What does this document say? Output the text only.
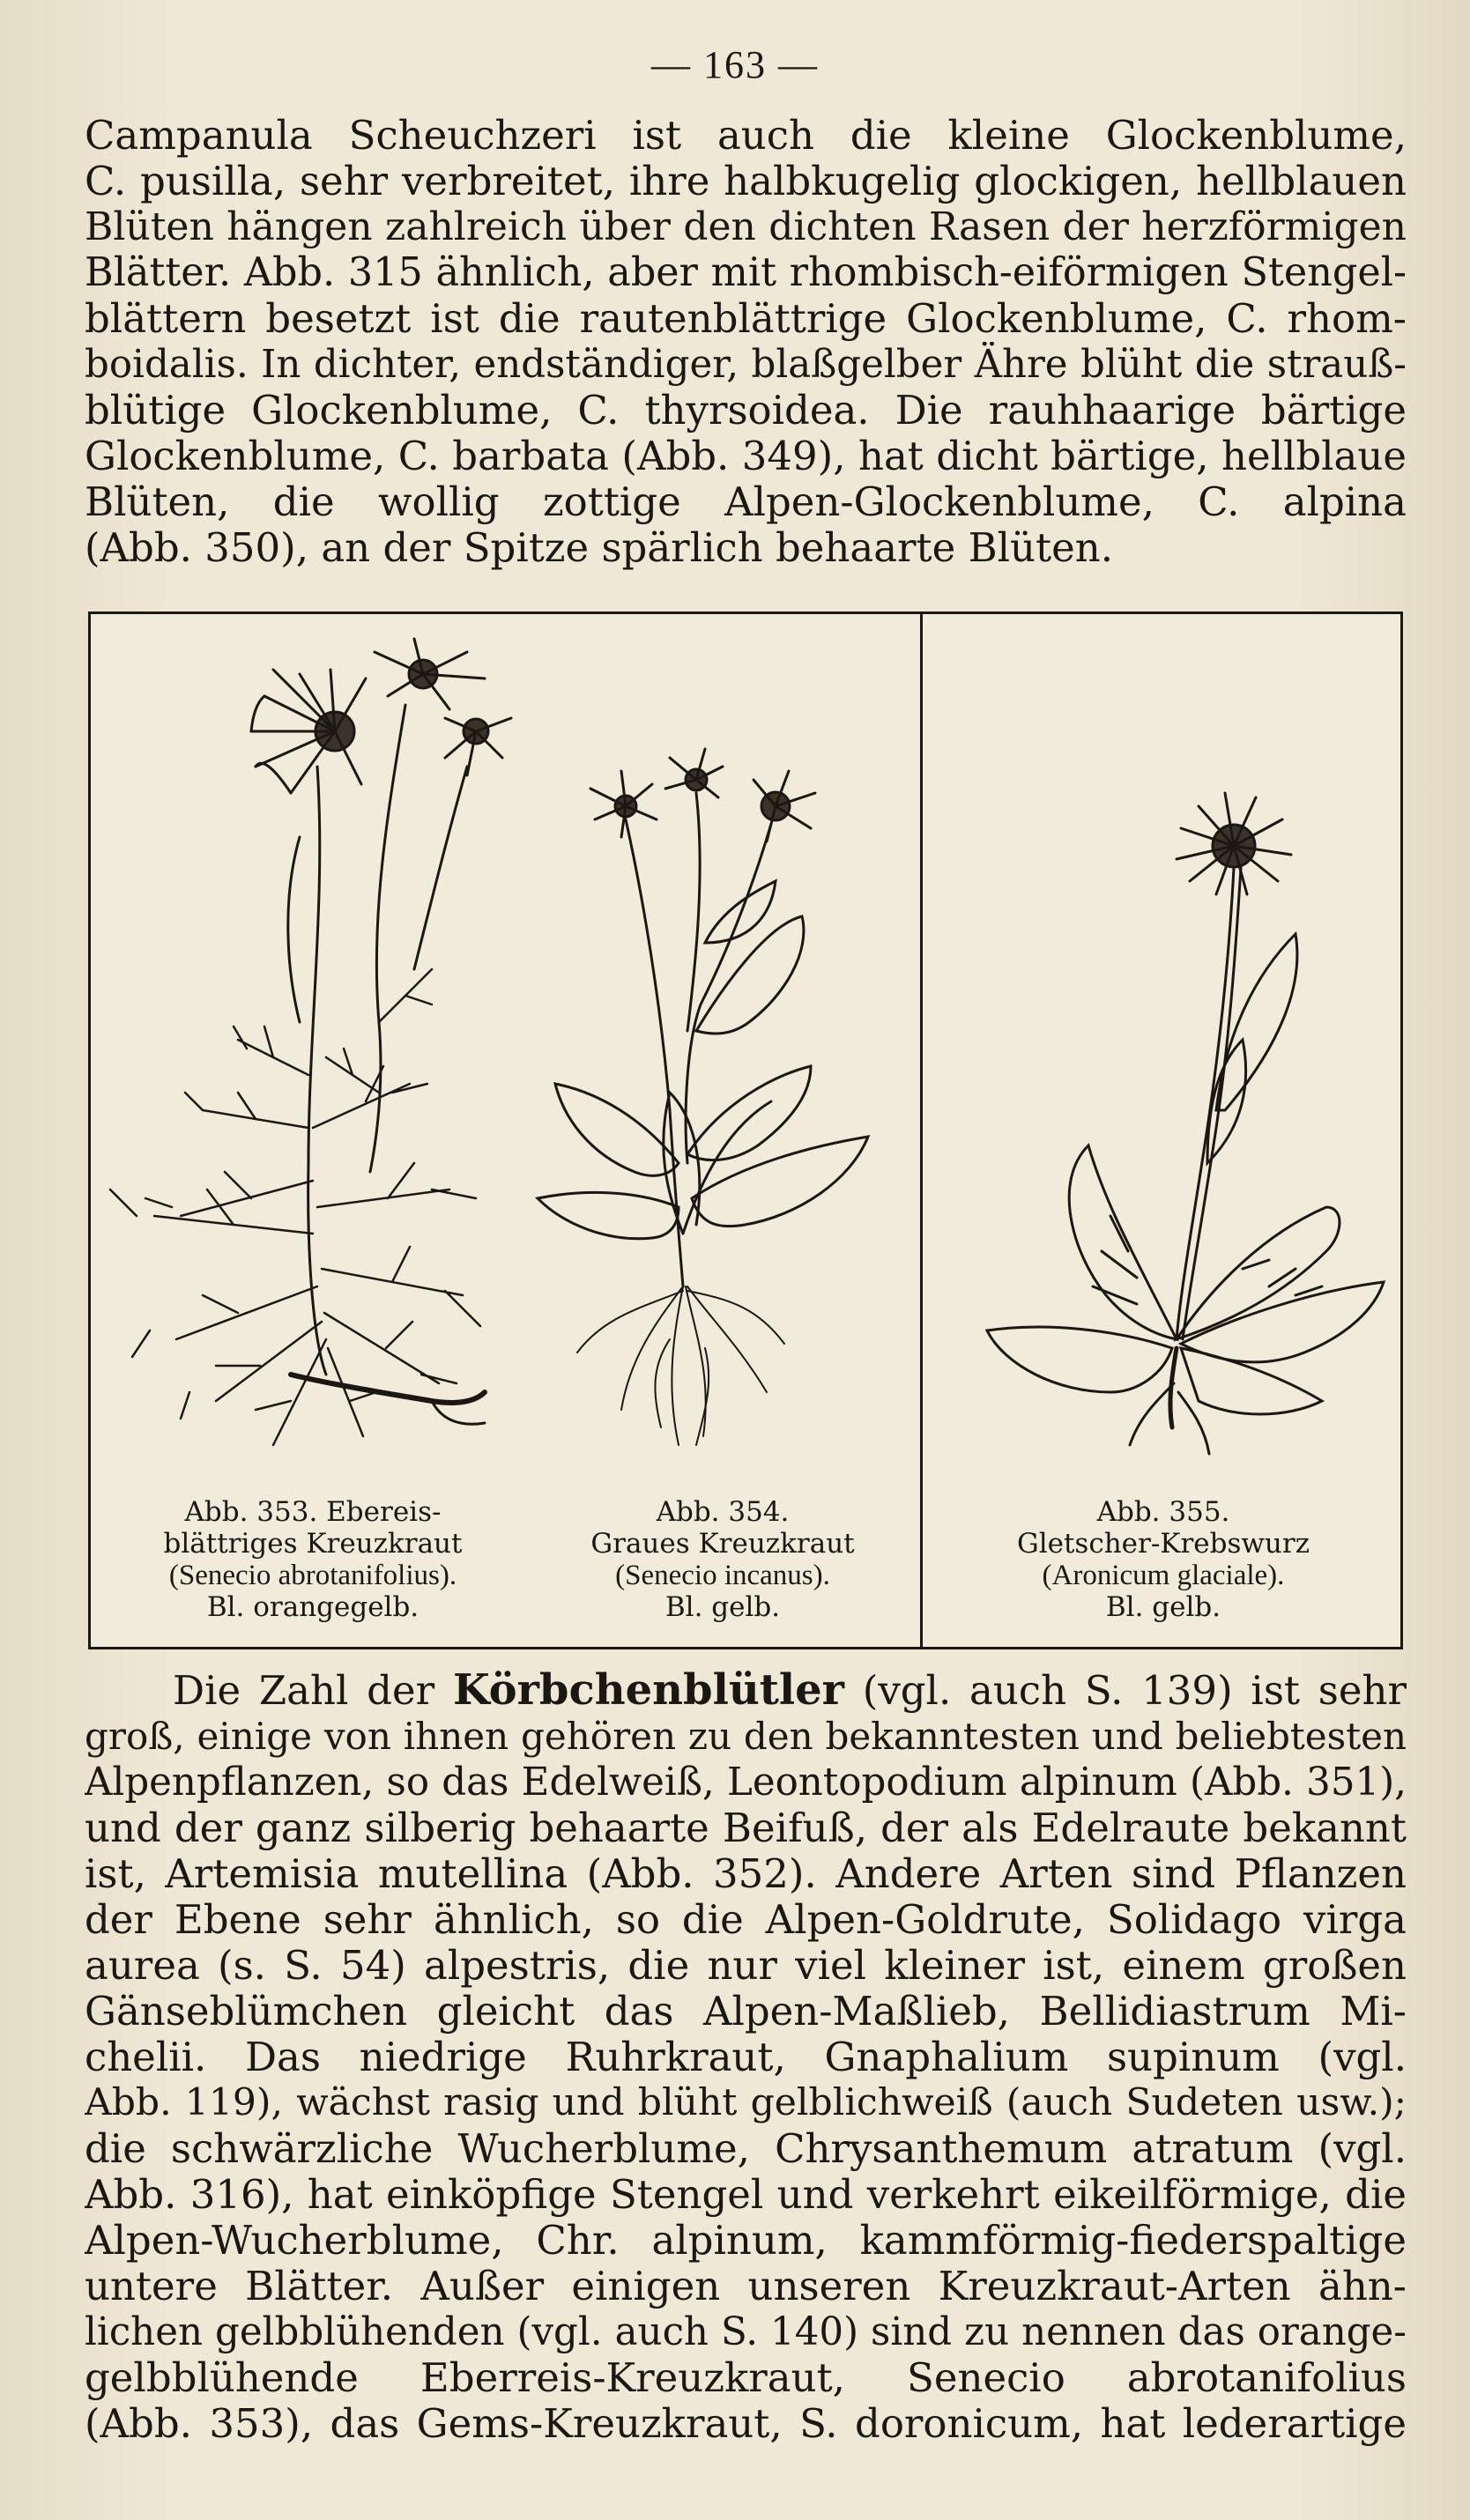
— 163 —
Campanula Scheuchzeri ist auch die kleine Glockenblume,
C. pusilla, sehr verbreitet, ihre halbkugelig glockigen, hellblauen
Blüten hängen zahlreich über den dichten Rasen der herzförmigen
Blätter. Abb. 315 ähnlich, aber mit rhombisch-eiförmigen Stengel-
blättern besetzt ist die rautenblättrige Glockenblume, C. rhom-
boidalis. In dichter, endständiger, blaßgelber Ähre blüht die strauß-
blütige Glockenblume, C. thyrsoidea. Die rauhhaarige bärtige
Glockenblume, C. barbata (Abb. 349), hat dicht bärtige, hellblaue
Blüten, die wollig zottige Alpen-Glockenblume, C. alpina
(Abb. 350), an der Spitze spärlich behaarte Blüten.
Abb. 353. Ebereis-
blättriges Kreuzkraut
(Senecio abrotanifolius).
Bl. orangegelb.
Abb. 354.
Graues Kreuzkraut
(Senecio incanus).
Bl. gelb.
Abb. 355.
Gletscher-Krebswurz
(Aronicum glaciale).
Bl. gelb.
Die Zahl der Körbchenblütler (vgl. auch S. 139) ist sehr
groß, einige von ihnen gehören zu den bekanntesten und beliebtesten
Alpenpflanzen, so das Edelweiß, Leontopodium alpinum (Abb. 351),
und der ganz silberig behaarte Beifuß, der als Edelraute bekannt
ist, Artemisia mutellina (Abb. 352). Andere Arten sind Pflanzen
der Ebene sehr ähnlich, so die Alpen-Goldrute, Solidago virga
aurea (s. S. 54) alpestris, die nur viel kleiner ist, einem großen
Gänseblümchen gleicht das Alpen-Maßlieb, Bellidiastrum Mi-
chelii. Das niedrige Ruhrkraut, Gnaphalium supinum (vgl.
Abb. 119), wächst rasig und blüht gelblichweiß (auch Sudeten usw.);
die schwärzliche Wucherblume, Chrysanthemum atratum (vgl.
Abb. 316), hat einköpfige Stengel und verkehrt eikeilförmige, die
Alpen-Wucherblume, Chr. alpinum, kammförmig-fiederspaltige
untere Blätter. Außer einigen unseren Kreuzkraut-Arten ähn-
lichen gelbblühenden (vgl. auch S. 140) sind zu nennen das orange-
gelbblühende Eberreis-Kreuzkraut, Senecio abrotanifolius
(Abb. 353), das Gems-Kreuzkraut, S. doronicum, hat lederartige
